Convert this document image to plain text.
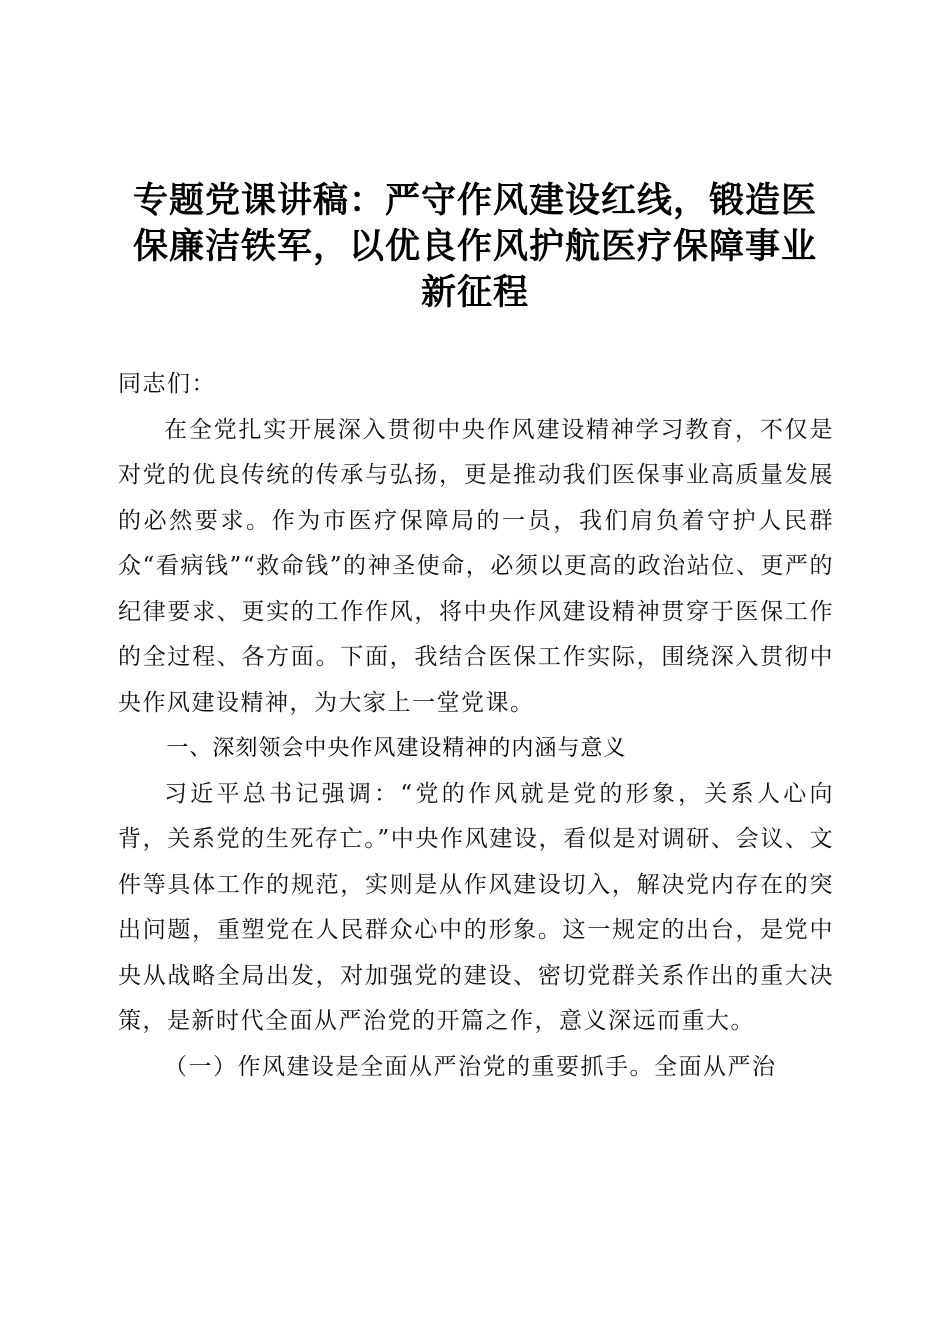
专题党课讲稿：严守作风建设红线，锻造医保廉洁铁军，以优良作风护航医疗保障事业新征程

同志们：

在全党扎实开展深入贯彻中央作风建设精神学习教育，不仅是对党的优良传统的传承与弘扬，更是推动我们医保事业高质量发展的必然要求。作为市医疗保障局的一员，我们肩负着守护人民群众“看病钱”“救命钱”的神圣使命，必须以更高的政治站位、更严的纪律要求、更实的工作作风，将中央作风建设精神贯穿于医保工作的全过程、各方面。下面，我结合医保工作实际，围绕深入贯彻中央作风建设精神，为大家上一堂党课。

一、深刻领会中央作风建设精神的内涵与意义

习近平总书记强调：“党的作风就是党的形象，关系人心向背，关系党的生死存亡。”中央作风建设，看似是对调研、会议、文件等具体工作的规范，实则是从作风建设切入，解决党内存在的突出问题，重塑党在人民群众心中的形象。这一规定的出台，是党中央从战略全局出发，对加强党的建设、密切党群关系作出的重大决策，是新时代全面从严治党的开篇之作，意义深远而重大。

（一）作风建设是全面从严治党的重要抓手。全面从严治
